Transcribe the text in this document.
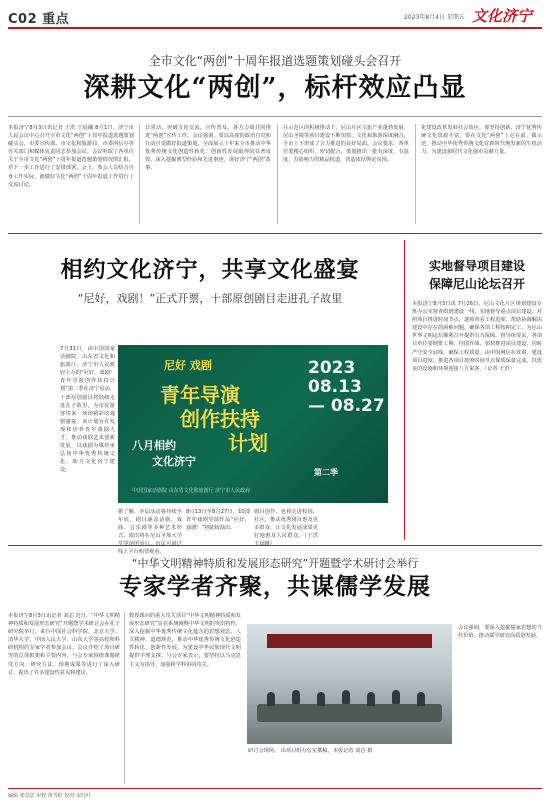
C02 重点	2023年8月4日 星期五 文化济宁
全市文化“两创”十周年报道选题策划碰头会召开
深耕文化“两创”，标杆效应凸显
本报济宁8月3日讯记者 王洪 王晨曦 8月1日，济宁市人民会议中心召开全市文化“两创”十周年报道选题策划碰头会，市委宣传部、市文化和旅游局、市委网信办等有关部门和媒体负责同志参加会议。会议听取了各单位关于全市文化“两创”十周年报道选题策划情况的汇报，对下一步工作进行了安排部署。会上，参会人员结合自身工作实际，就做好文化“两创”十周年报道工作进行了交流讨论。
日常动，突破文化交流，宣传普及，各方力量共同推进“两创”宣传工作。会议强调，要以高度的政治自觉和行动自觉做好报道策划，全面展示十年来全市推动中华优秀传统文化创造性转化、创新性发展取得的显著成效，深入挖掘典型经验和先进事迹，讲好济宁“两创”故事。
在示范区的积极推动下，尼山片区文旅产业蓬勃发展，尼山圣境等项目建设不断加快，文化和旅游深度融合，全市上下形成了合力推进的良好局面。会议要求，各单位要精心组织、密切配合，策划推出一批有深度、有温度、有影响力的精品报道，营造浓厚舆论氛围。
化建设改革发展社会效应。要坚持创新，济宁优秀传统文化资源丰富，要在文化“两创”上走在前、做示范，推动中华优秀传统文化在新时代焕发新的生机活力，为建设新时代文化强市贡献力量。
相约文化济宁，共享文化盛宴
“尼好，戏剧！”正式开票，十部原创剧目走进孔子故里
7月31日，由中国国家话剧院、山东省文化和旅游厅、济宁市人民政府主办的“尼好，戏剧！青年导演创作扶持计划”第二季在济宁启动，十部原创剧目将陆续走进孔子故里，为市民游客带来一场场精彩的戏剧盛宴。该计划旨在发现和培养青年戏剧人才，推动戏剧艺术创新发展，以戏剧为媒传承弘扬中华优秀传统文化，助力文化济宁建设。
尼好 戏剧
青年导演
创作扶持
计划
八月相约
文化济宁
2023
08.13
— 08.27
第二季
中国国家话剧院 山东省文化和旅游厅 济宁市人民政府
据了解，本届活动将持续至年底，剧目涵盖话剧、戏曲、音乐剧等多种艺术形式，演出将在尼山圣境大学 线上平台购票观看。
8月13日至8月27日，10部青年戏剧导演作品“尼好，戏剧！”将陆续演出。
剧目创作，也将走进校园、社区，推动优秀剧目惠及更多群众，让文化发展成果更好地惠及人民群众。（王洪
实地督导项目建设
保障尼山论坛召开
本报济宁8月3日讯 7月26日，尼山文化片区规划建设专班办公室督查组到建设一线，实地督导重点项目建设，对照项目推进时间节点，逐项查看工程进度，帮助协调解决建设中存在的困难问题，确保各项工程按期完工，为尼山世界文明论坛顺利召开提供有力保障。督导组要求，各项目单位要倒排工期、挂图作战，加快推进项目建设，同时严守安全底线，确保工程质量。由中国网信在发调，建设项目进度，推进各项目按照时间节点保质保量完成，以优良的设施和环境迎接八方来客。（记者 王洪）
“中华文明精神特质和发展形态研究”开题暨学术研讨会举行
专家学者齐聚，共谋儒学发展
本报济宁8月3日讯记者 刘芯 近日，“中华文明精神特质和发展形态研究”开题暨学术研讨会在孔子研究院举行。来自中国社会科学院、北京大学、清华大学、中国人民大学、山东大学等高校和科研机构的专家学者参加会议。会议介绍了项目研究的总体框架和主要内容，与会专家围绕课题研究方向、研究方法、预期成果等进行了深入研讨，提出了许多建设性意见和建议。
数授课向的重大攻关项目“中华文明精神特质和发展形态研究”旨在系统阐释中华文明的突出特性，深入挖掘中华优秀传统文化蕴含的思想观念、人文精神、道德规范，推动中华优秀传统文化创造性转化、创新性发展，为建设中华民族现代文明提供学理支撑。与会专家表示，要坚持以马克思主义为指导，加强跨学科协同攻关。
研讨会现场。 由项目组办公室撰稿，本报记者 刘芯 摄
会议强调，要深入挖掘儒家思想的当代价值，推动儒学研究高质量发展。
编辑 张思思 审校 黄雪虹 校对 宋红叶
